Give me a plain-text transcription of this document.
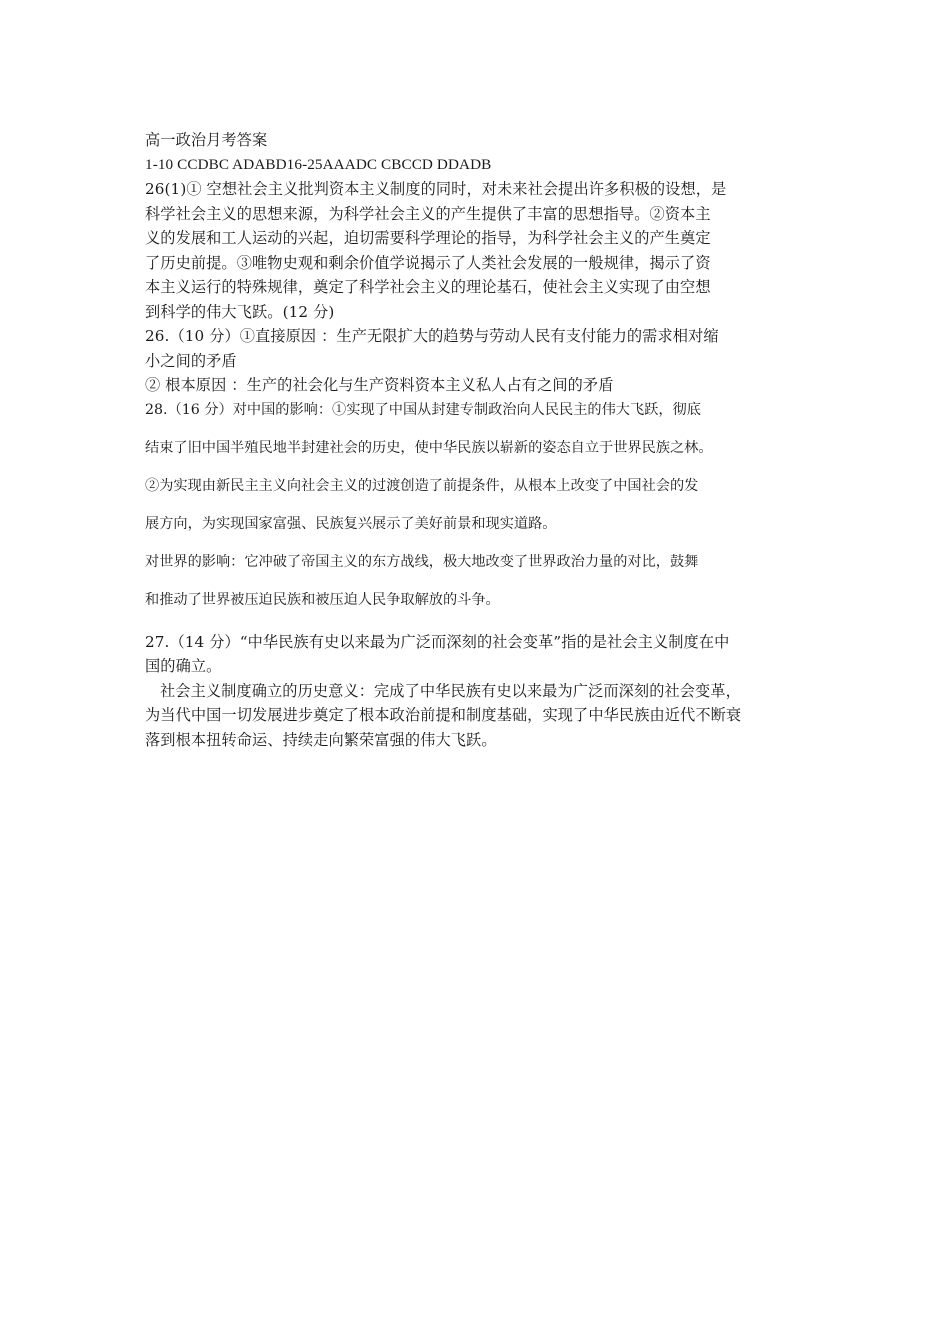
高一政治月考答案
1-10 CCDBC ADABD16-25AAADC CBCCD DDADB
26(1)① 空想社会主义批判资本主义制度的同时，对未来社会提出许多积极的设想，是
科学社会主义的思想来源，为科学社会主义的产生提供了丰富的思想指导。②资本主
义的发展和工人运动的兴起，迫切需要科学理论的指导，为科学社会主义的产生奠定
了历史前提。③唯物史观和剩余价值学说揭示了人类社会发展的一般规律，揭示了资
本主义运行的特殊规律，奠定了科学社会主义的理论基石，使社会主义实现了由空想
到科学的伟大飞跃。(12 分)
26.（10 分）①直接原因 ：生产无限扩大的趋势与劳动人民有支付能力的需求相对缩
小之间的矛盾
② 根本原因 ：生产的社会化与生产资料资本主义私人占有之间的矛盾
28.（16 分）对中国的影响：①实现了中国从封建专制政治向人民民主的伟大飞跃，彻底
结束了旧中国半殖民地半封建社会的历史，使中华民族以崭新的姿态自立于世界民族之林。
②为实现由新民主主义向社会主义的过渡创造了前提条件，从根本上改变了中国社会的发
展方向，为实现国家富强、民族复兴展示了美好前景和现实道路。
对世界的影响：它冲破了帝国主义的东方战线，极大地改变了世界政治力量的对比，鼓舞
和推动了世界被压迫民族和被压迫人民争取解放的斗争。
27.（14 分）“中华民族有史以来最为广泛而深刻的社会变革”指的是社会主义制度在中
国的确立。
社会主义制度确立的历史意义：完成了中华民族有史以来最为广泛而深刻的社会变革，
为当代中国一切发展进步奠定了根本政治前提和制度基础，实现了中华民族由近代不断衰
落到根本扭转命运、持续走向繁荣富强的伟大飞跃。
